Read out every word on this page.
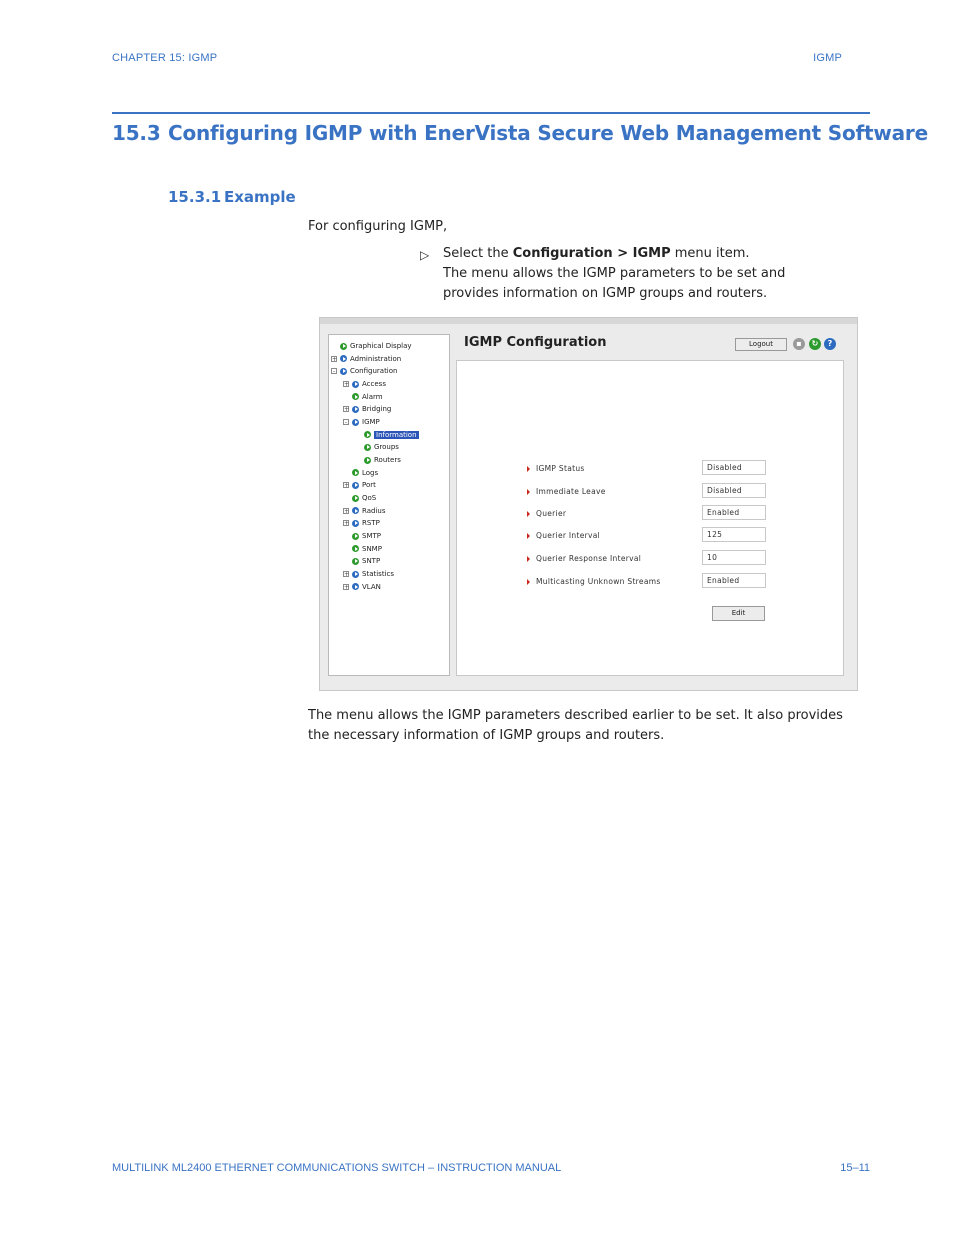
CHAPTER 15: IGMP	IGMP
15.3 Configuring IGMP with EnerVista Secure Web Management Software
15.3.1 Example
For configuring IGMP,
▷ Select the Configuration > IGMP menu item.
The menu allows the IGMP parameters to be set and provides information on IGMP groups and routers.
Graphical Display
+ Administration
- Configuration
+ Access
Alarm
+ Bridging
- IGMP
Information
Groups
Routers
Logs
+ Port
QoS
+ Radius
+ RSTP
SMTP
SNMP
SNTP
+ Statistics
+ VLAN
IGMP Configuration	Logout	▪	↻	?
Edit
IGMP Status	Disabled
Immediate Leave	Disabled
Querier	Enabled
Querier Interval	125
Querier Response Interval	10
Multicasting Unknown Streams	Enabled
The menu allows the IGMP parameters described earlier to be set. It also provides the necessary information of IGMP groups and routers.
MULTILINK ML2400 ETHERNET COMMUNICATIONS SWITCH – INSTRUCTION MANUAL	15–11
